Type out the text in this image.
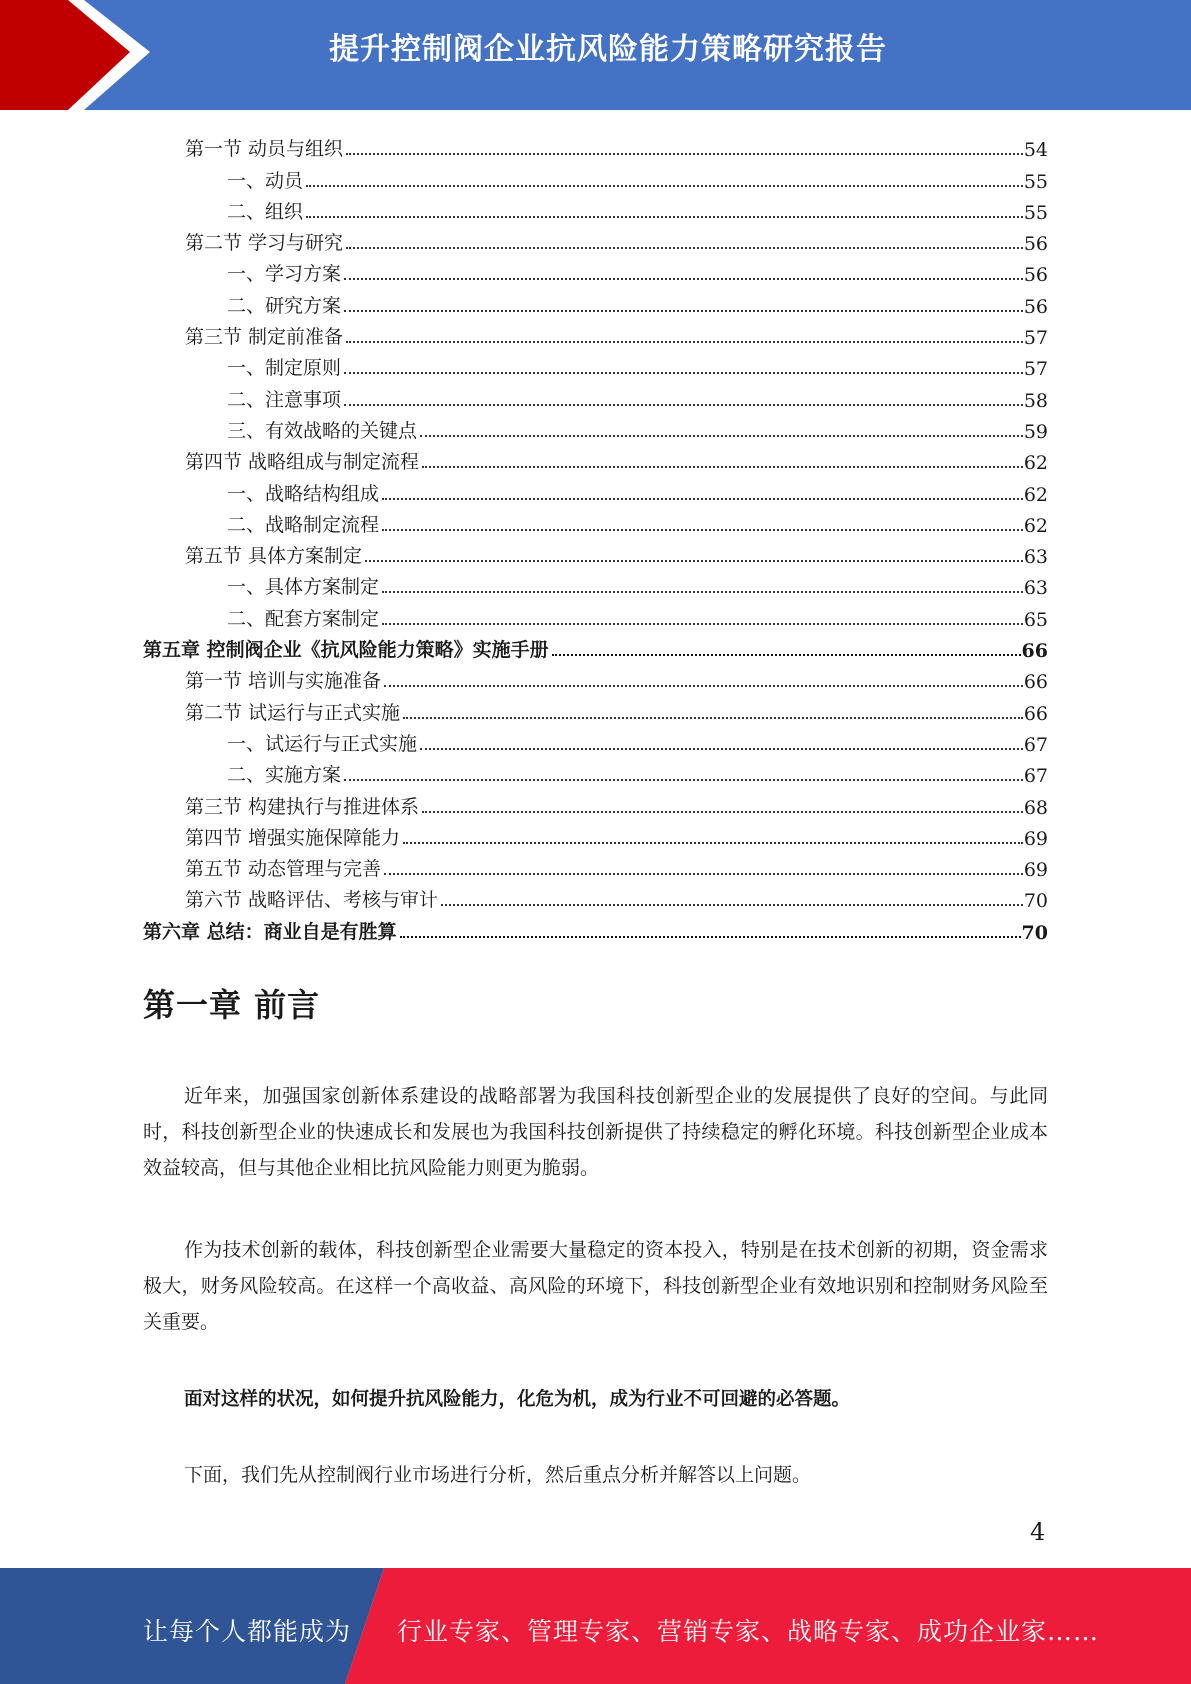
提升控制阀企业抗风险能力策略研究报告
第一节 动员与组织	54
一、动员	55
二、组织	55
第二节 学习与研究	56
一、学习方案	56
二、研究方案	56
第三节 制定前准备	57
一、制定原则	57
二、注意事项	58
三、有效战略的关键点	59
第四节 战略组成与制定流程	62
一、战略结构组成	62
二、战略制定流程	62
第五节 具体方案制定	63
一、具体方案制定	63
二、配套方案制定	65
第五章 控制阀企业《抗风险能力策略》实施手册	66
第一节 培训与实施准备	66
第二节 试运行与正式实施	66
一、试运行与正式实施	67
二、实施方案	67
第三节 构建执行与推进体系	68
第四节 增强实施保障能力	69
第五节 动态管理与完善	69
第六节 战略评估、考核与审计	70
第六章 总结：商业自是有胜算	70
第一章 前言
近年来，加强国家创新体系建设的战略部署为我国科技创新型企业的发展提供了良好的空间。与此同时，科技创新型企业的快速成长和发展也为我国科技创新提供了持续稳定的孵化环境。科技创新型企业成本效益较高，但与其他企业相比抗风险能力则更为脆弱。
作为技术创新的载体，科技创新型企业需要大量稳定的资本投入，特别是在技术创新的初期，资金需求极大，财务风险较高。在这样一个高收益、高风险的环境下，科技创新型企业有效地识别和控制财务风险至关重要。
面对这样的状况，如何提升抗风险能力，化危为机，成为行业不可回避的必答题。
下面，我们先从控制阀行业市场进行分析，然后重点分析并解答以上问题。
4
让每个人都能成为 行业专家、管理专家、营销专家、战略专家、成功企业家……
